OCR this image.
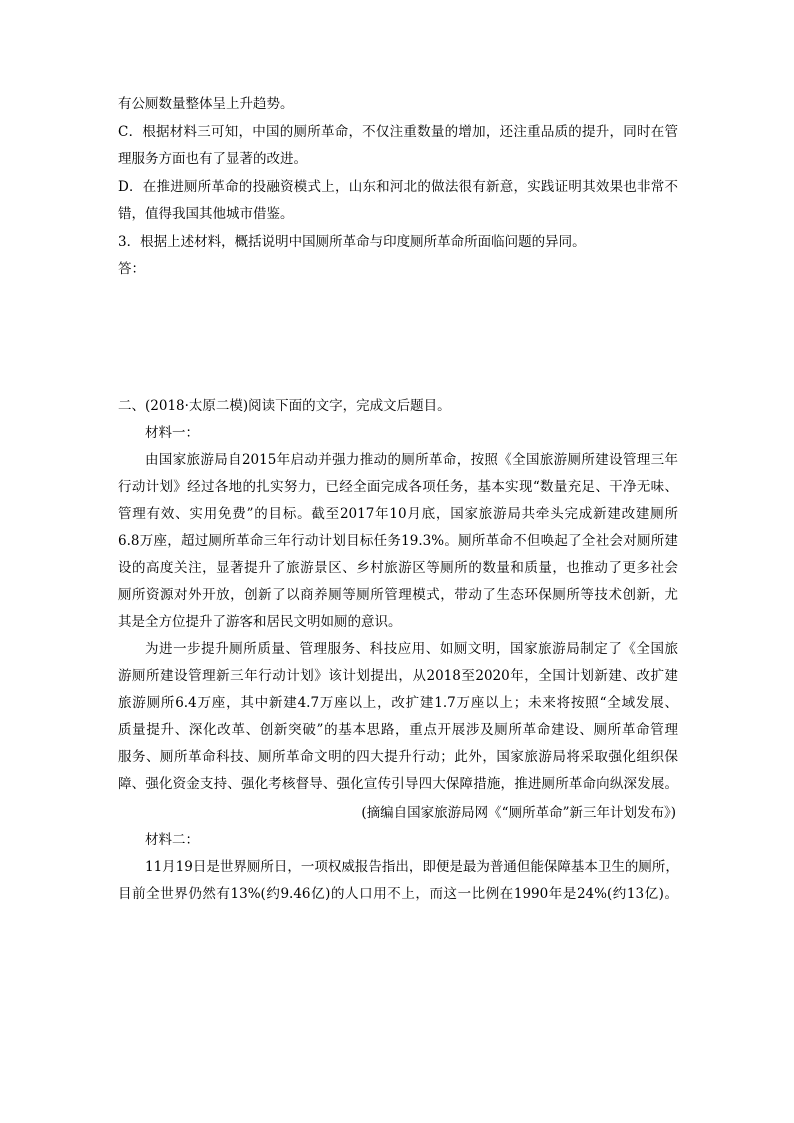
有公厕数量整体呈上升趋势。
C．根据材料三可知，中国的厕所革命，不仅注重数量的增加，还注重品质的提升，同时在管
理服务方面也有了显著的改进。
D．在推进厕所革命的投融资模式上，山东和河北的做法很有新意，实践证明其效果也非常不
错，值得我国其他城市借鉴。
3．根据上述材料，概括说明中国厕所革命与印度厕所革命所面临问题的异同。
答：
二、(2018·太原二模)阅读下面的文字，完成文后题目。
材料一：
由国家旅游局自2015年启动并强力推动的厕所革命，按照《全国旅游厕所建设管理三年
行动计划》经过各地的扎实努力，已经全面完成各项任务，基本实现“数量充足、干净无味、
管理有效、实用免费”的目标。截至2017年10月底，国家旅游局共牵头完成新建改建厕所
6.8万座，超过厕所革命三年行动计划目标任务19.3%。厕所革命不但唤起了全社会对厕所建
设的高度关注，显著提升了旅游景区、乡村旅游区等厕所的数量和质量，也推动了更多社会
厕所资源对外开放，创新了以商养厕等厕所管理模式，带动了生态环保厕所等技术创新，尤
其是全方位提升了游客和居民文明如厕的意识。
为进一步提升厕所质量、管理服务、科技应用、如厕文明，国家旅游局制定了《全国旅
游厕所建设管理新三年行动计划》该计划提出，从2018至2020年，全国计划新建、改扩建
旅游厕所6.4万座，其中新建4.7万座以上，改扩建1.7万座以上；未来将按照“全域发展、
质量提升、深化改革、创新突破”的基本思路，重点开展涉及厕所革命建设、厕所革命管理
服务、厕所革命科技、厕所革命文明的四大提升行动；此外，国家旅游局将采取强化组织保
障、强化资金支持、强化考核督导、强化宣传引导四大保障措施，推进厕所革命向纵深发展。
(摘编自国家旅游局网《“厕所革命”新三年计划发布》)
材料二：
11月19日是世界厕所日，一项权威报告指出，即便是最为普通但能保障基本卫生的厕所，
目前全世界仍然有13%(约9.46亿)的人口用不上，而这一比例在1990年是24%(约13亿)。
